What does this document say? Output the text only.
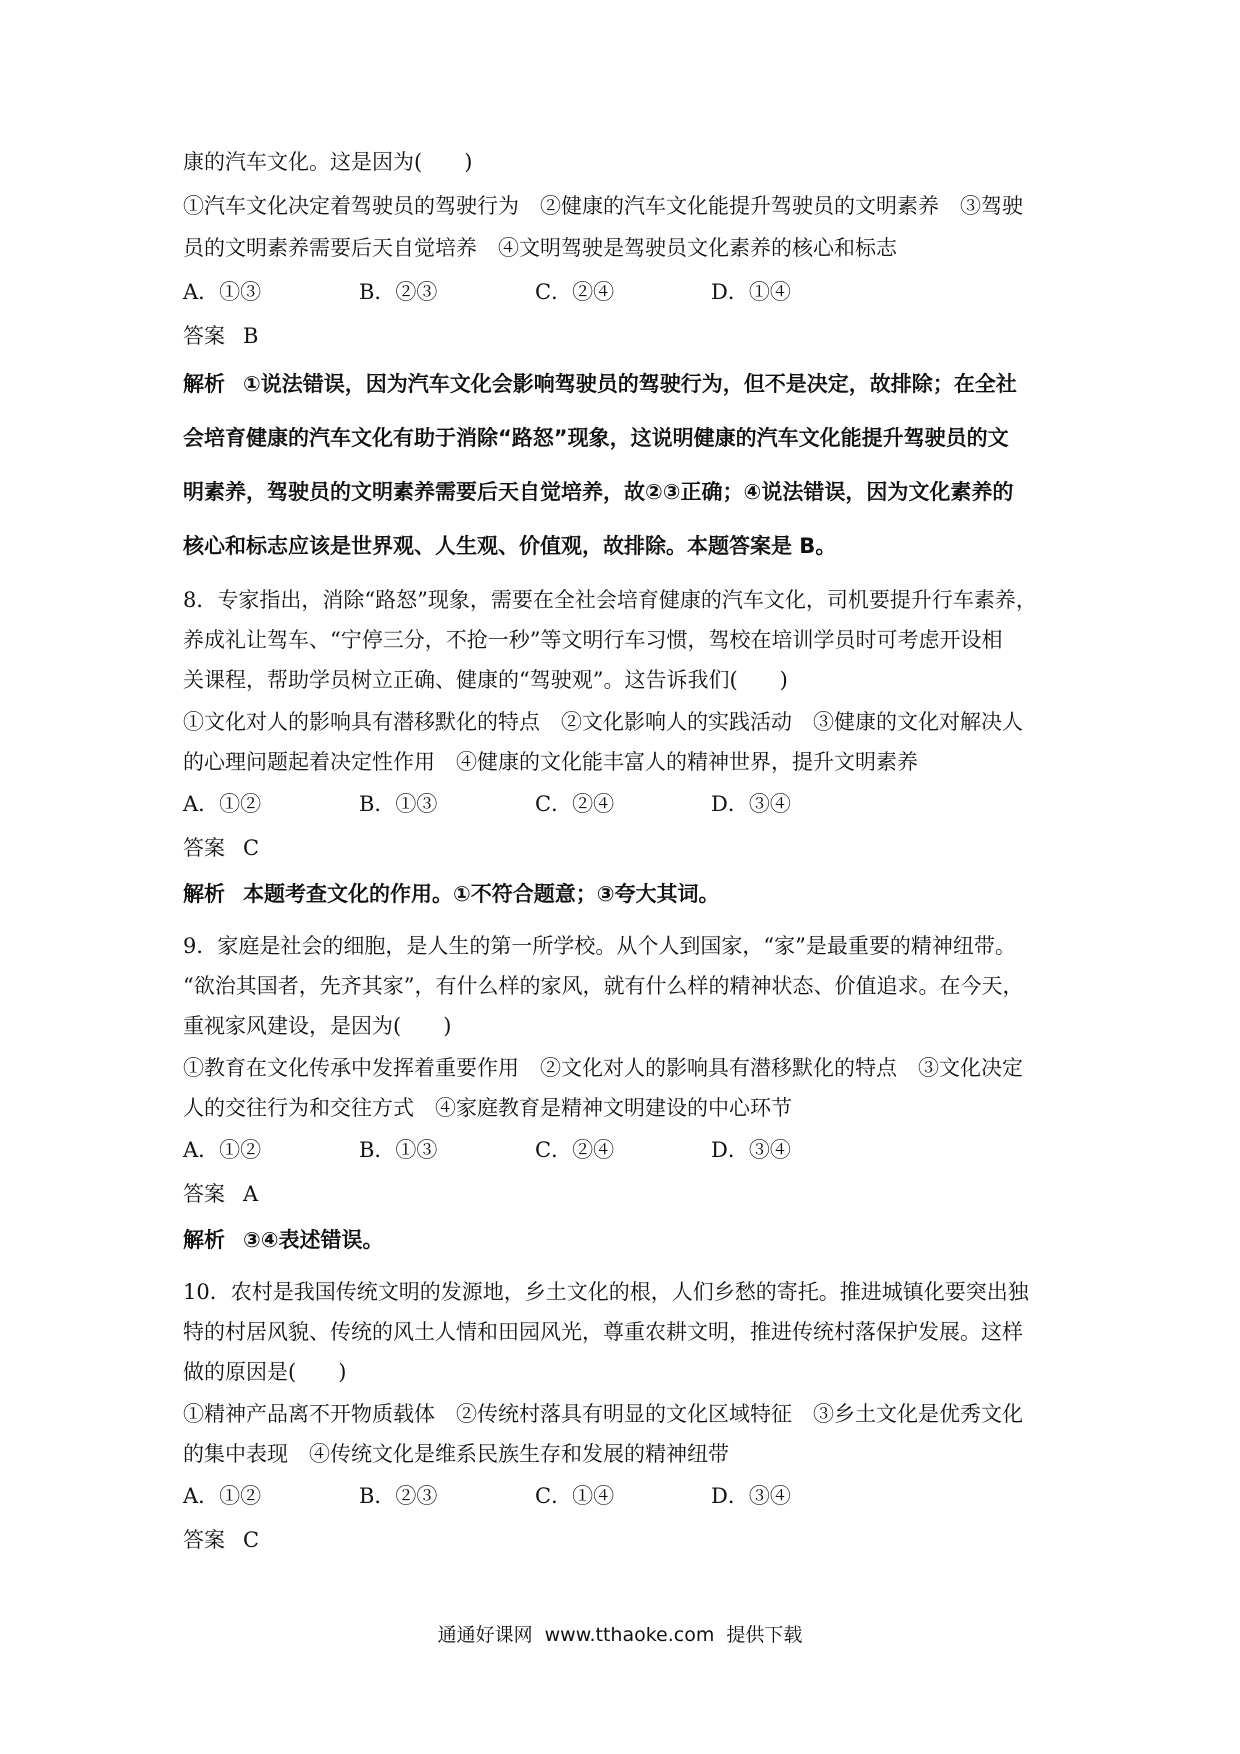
康的汽车文化。这是因为(　　)

①汽车文化决定着驾驶员的驾驶行为　②健康的汽车文化能提升驾驶员的文明素养　③驾驶

员的文明素养需要后天自觉培养　④文明驾驶是驾驶员文化素养的核心和标志

A．①③	B．②③	C．②④	D．①④

答案 B

解析 ①说法错误，因为汽车文化会影响驾驶员的驾驶行为，但不是决定，故排除；在全社

会培育健康的汽车文化有助于消除“路怒”现象，这说明健康的汽车文化能提升驾驶员的文

明素养，驾驶员的文明素养需要后天自觉培养，故②③正确；④说法错误，因为文化素养的

核心和标志应该是世界观、人生观、价值观，故排除。本题答案是 B。

8．专家指出，消除“路怒”现象，需要在全社会培育健康的汽车文化，司机要提升行车素养，

养成礼让驾车、“宁停三分，不抢一秒”等文明行车习惯，驾校在培训学员时可考虑开设相

关课程，帮助学员树立正确、健康的“驾驶观”。这告诉我们(　　)

①文化对人的影响具有潜移默化的特点　②文化影响人的实践活动　③健康的文化对解决人

的心理问题起着决定性作用　④健康的文化能丰富人的精神世界，提升文明素养

A．①②	B．①③	C．②④	D．③④

答案 C

解析 本题考查文化的作用。①不符合题意；③夸大其词。

9．家庭是社会的细胞，是人生的第一所学校。从个人到国家，“家”是最重要的精神纽带。

“欲治其国者，先齐其家”，有什么样的家风，就有什么样的精神状态、价值追求。在今天，

重视家风建设，是因为(　　)

①教育在文化传承中发挥着重要作用　②文化对人的影响具有潜移默化的特点　③文化决定

人的交往行为和交往方式　④家庭教育是精神文明建设的中心环节

A．①②	B．①③	C．②④	D．③④

答案 A

解析 ③④表述错误。

10．农村是我国传统文明的发源地，乡土文化的根，人们乡愁的寄托。推进城镇化要突出独

特的村居风貌、传统的风土人情和田园风光，尊重农耕文明，推进传统村落保护发展。这样

做的原因是(　　)

①精神产品离不开物质载体　②传统村落具有明显的文化区域特征　③乡土文化是优秀文化

的集中表现　④传统文化是维系民族生存和发展的精神纽带

A．①②	B．②③	C．①④	D．③④

答案 C

通通好课网 www.tthaoke.com 提供下载
